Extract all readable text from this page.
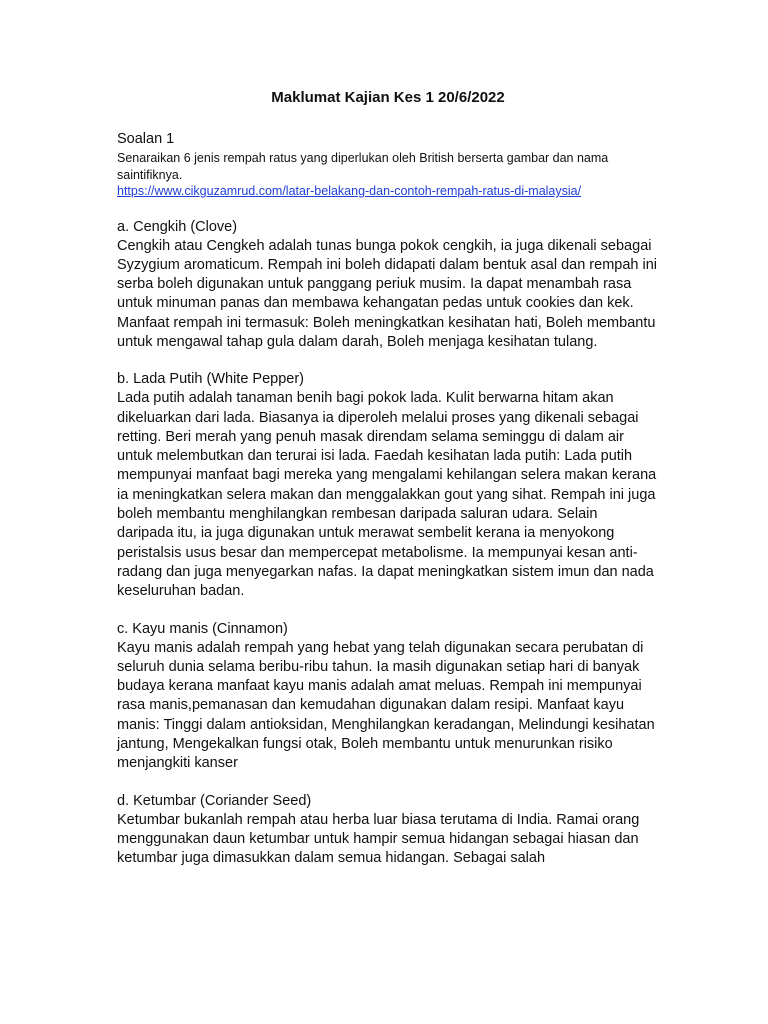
Maklumat Kajian Kes 1 20/6/2022

Soalan 1

Senaraikan 6 jenis rempah ratus yang diperlukan oleh British berserta gambar dan nama saintifiknya.

https://www.cikguzamrud.com/latar-belakang-dan-contoh-rempah-ratus-di-malaysia/

a. Cengkih (Clove)

Cengkih atau Cengkeh adalah tunas bunga pokok cengkih, ia juga dikenali sebagai Syzygium aromaticum. Rempah ini boleh didapati dalam bentuk asal dan rempah ini serba boleh digunakan untuk panggang periuk musim. Ia dapat menambah rasa untuk minuman panas dan membawa kehangatan pedas untuk cookies dan kek. Manfaat rempah ini termasuk: Boleh meningkatkan kesihatan hati, Boleh membantu untuk mengawal tahap gula dalam darah, Boleh menjaga kesihatan tulang.

b. Lada Putih (White Pepper)

Lada putih adalah tanaman benih bagi pokok lada. Kulit berwarna hitam akan dikeluarkan dari lada. Biasanya ia diperoleh melalui proses yang dikenali sebagai retting. Beri merah yang penuh masak direndam selama seminggu di dalam air untuk melembutkan dan terurai isi lada. Faedah kesihatan lada putih: Lada putih mempunyai manfaat bagi mereka yang mengalami kehilangan selera makan kerana ia meningkatkan selera makan dan menggalakkan gout yang sihat. Rempah ini juga boleh membantu menghilangkan rembesan daripada saluran udara. Selain daripada itu, ia juga digunakan untuk merawat sembelit kerana ia menyokong peristalsis usus besar dan mempercepat metabolisme. Ia mempunyai kesan anti-radang dan juga menyegarkan nafas. Ia dapat meningkatkan sistem imun dan nada keseluruhan badan.

c. Kayu manis (Cinnamon)

Kayu manis adalah rempah yang hebat yang telah digunakan secara perubatan di seluruh dunia selama beribu-ribu tahun. Ia masih digunakan setiap hari di banyak budaya kerana manfaat kayu manis adalah amat meluas. Rempah ini mempunyai rasa manis,pemanasan dan kemudahan digunakan dalam resipi. Manfaat kayu manis: Tinggi dalam antioksidan, Menghilangkan keradangan, Melindungi kesihatan jantung, Mengekalkan fungsi otak, Boleh membantu untuk menurunkan risiko menjangkiti kanser

d. Ketumbar (Coriander Seed)

Ketumbar bukanlah rempah atau herba luar biasa terutama di India. Ramai orang menggunakan daun ketumbar untuk hampir semua hidangan sebagai hiasan dan ketumbar juga dimasukkan dalam semua hidangan. Sebagai salah
